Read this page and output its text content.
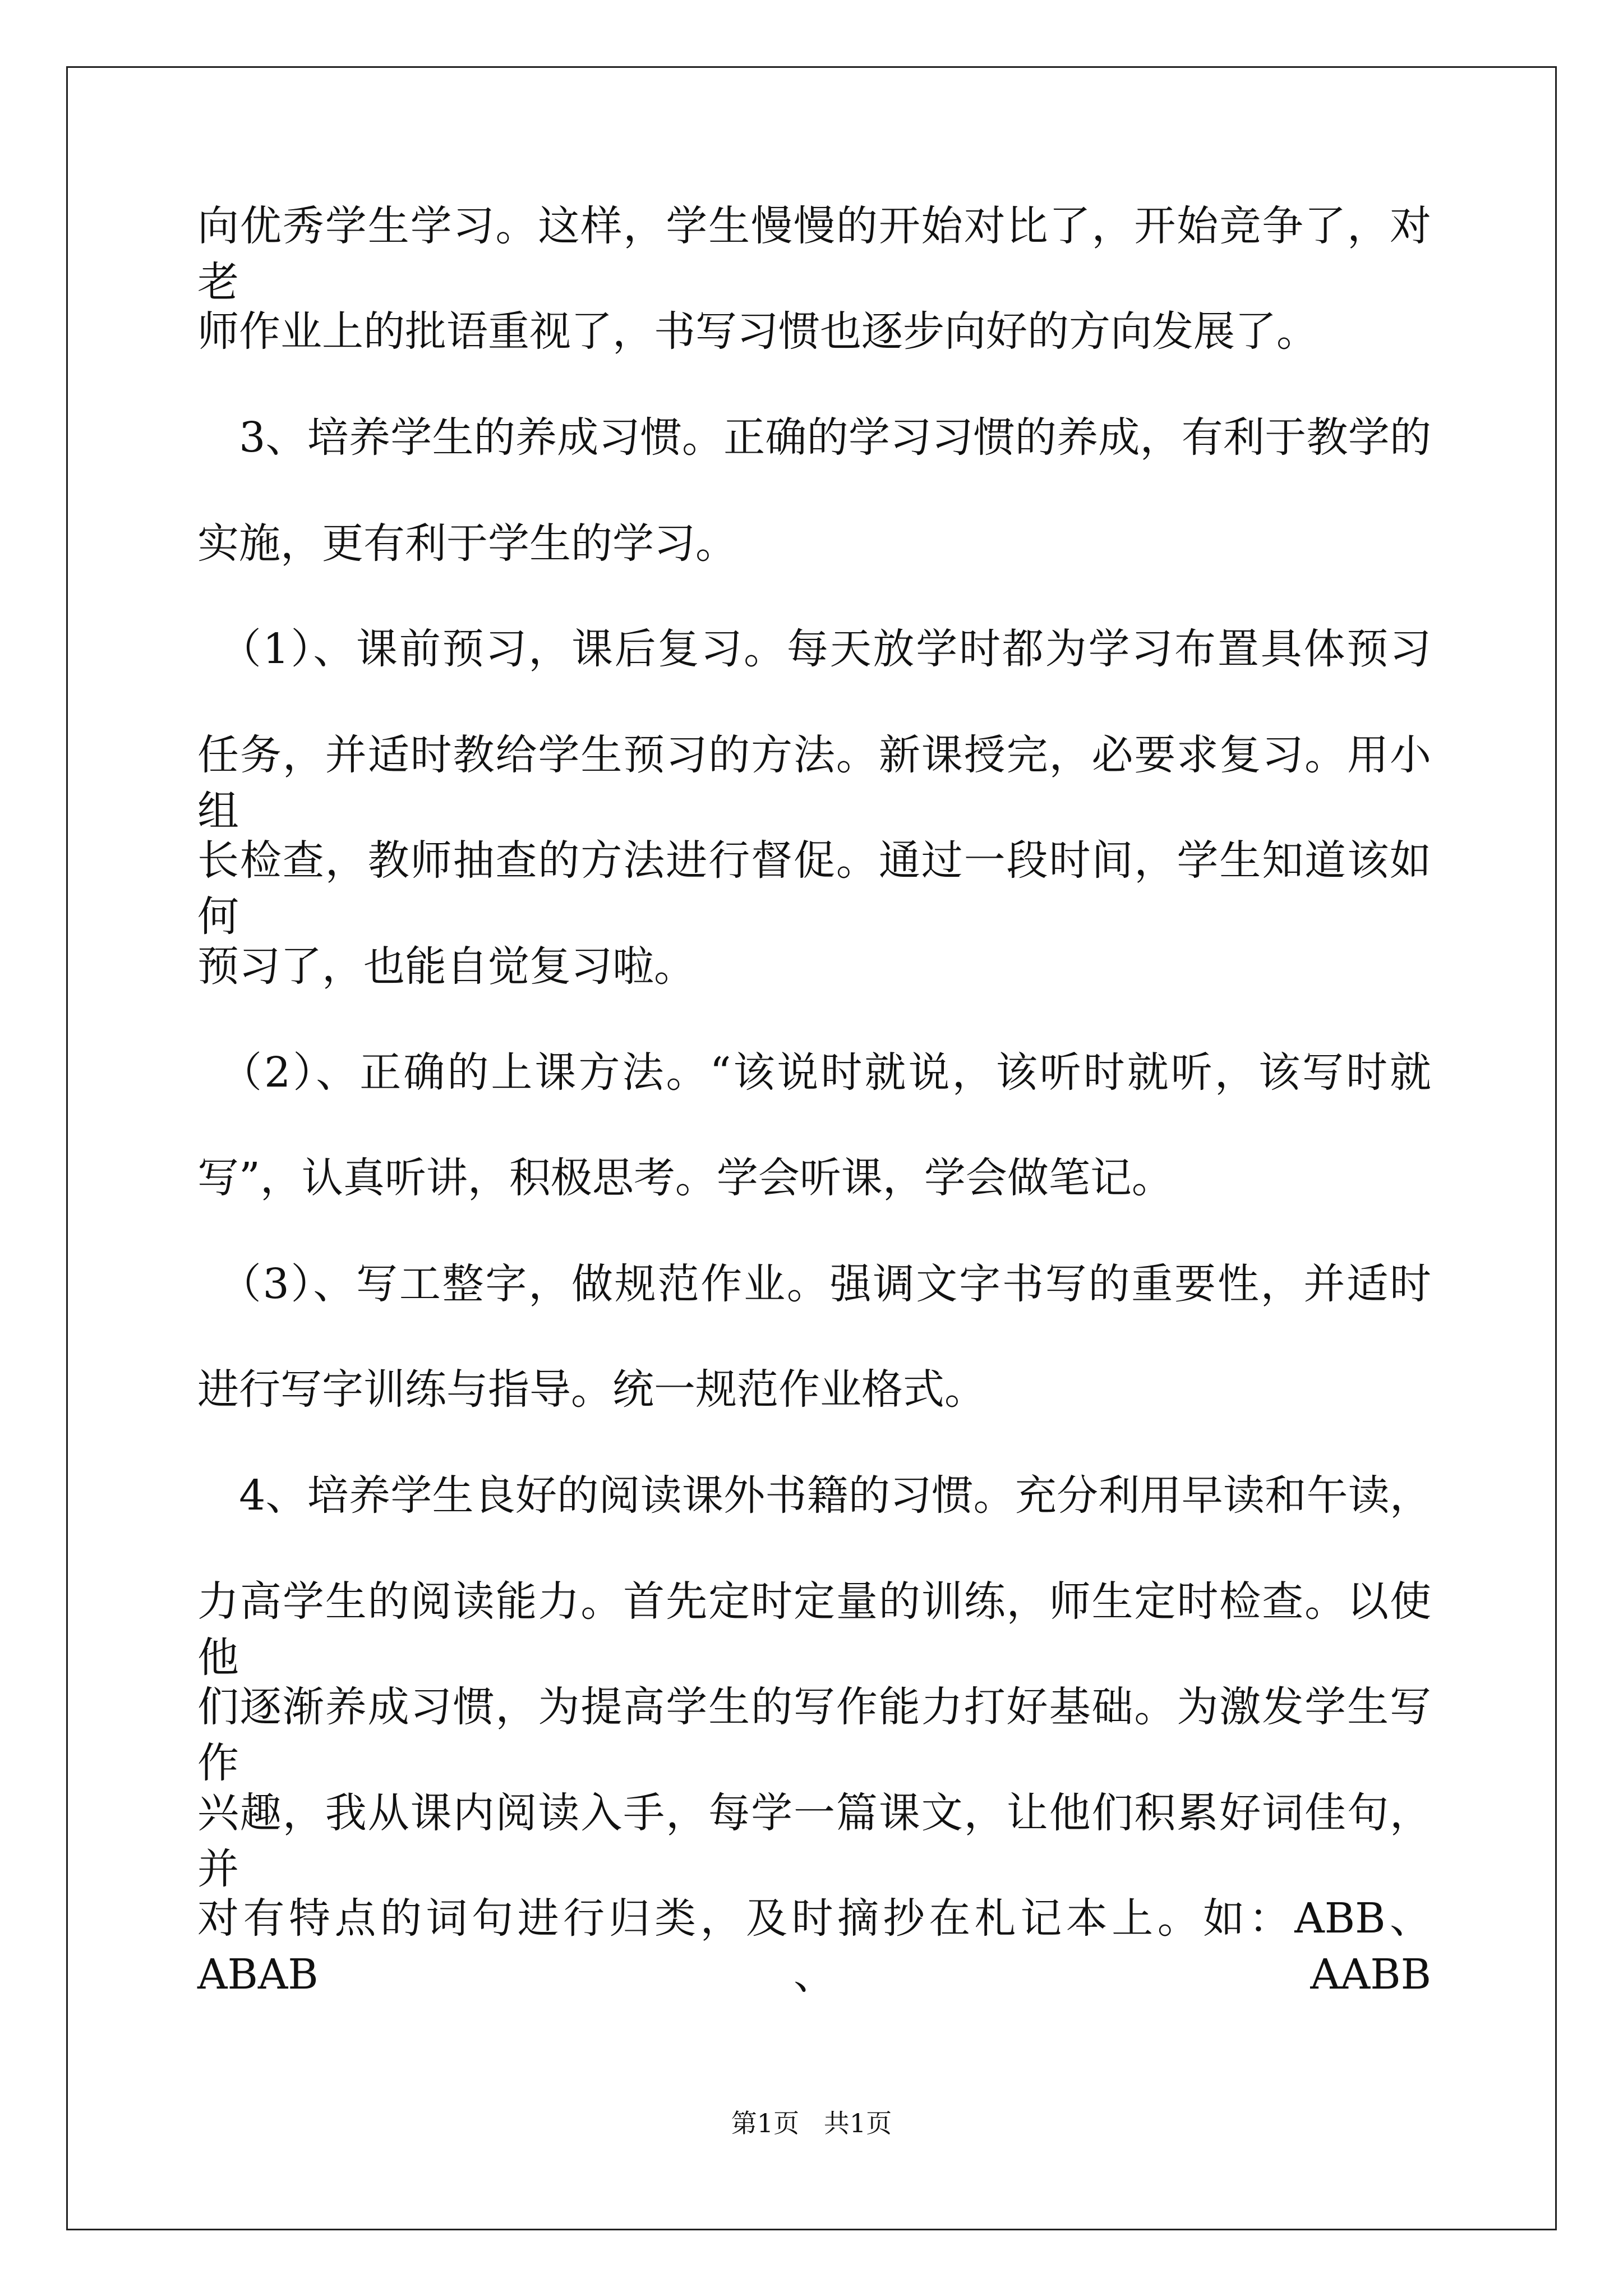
向优秀学生学习。这样，学生慢慢的开始对比了，开始竞争了，对老
师作业上的批语重视了，书写习惯也逐步向好的方向发展了。
　3、培养学生的养成习惯。正确的学习习惯的养成，有利于教学的
实施，更有利于学生的学习。
　（1）、课前预习，课后复习。每天放学时都为学习布置具体预习
任务，并适时教给学生预习的方法。新课授完，必要求复习。用小组
长检查，教师抽查的方法进行督促。通过一段时间，学生知道该如何
预习了，也能自觉复习啦。
　（2）、正确的上课方法。“该说时就说，该听时就听，该写时就
写”，认真听讲，积极思考。学会听课，学会做笔记。
　（3）、写工整字，做规范作业。强调文字书写的重要性，并适时
进行写字训练与指导。统一规范作业格式。
　4、培养学生良好的阅读课外书籍的习惯。充分利用早读和午读，
力高学生的阅读能力。首先定时定量的训练，师生定时检查。以使他
们逐渐养成习惯，为提高学生的写作能力打好基础。为激发学生写作
兴趣，我从课内阅读入手，每学一篇课文，让他们积累好词佳句，并
对有特点的词句进行归类，及时摘抄在札记本上。如：ABB、ABAB、AABB
第1页   共1页
